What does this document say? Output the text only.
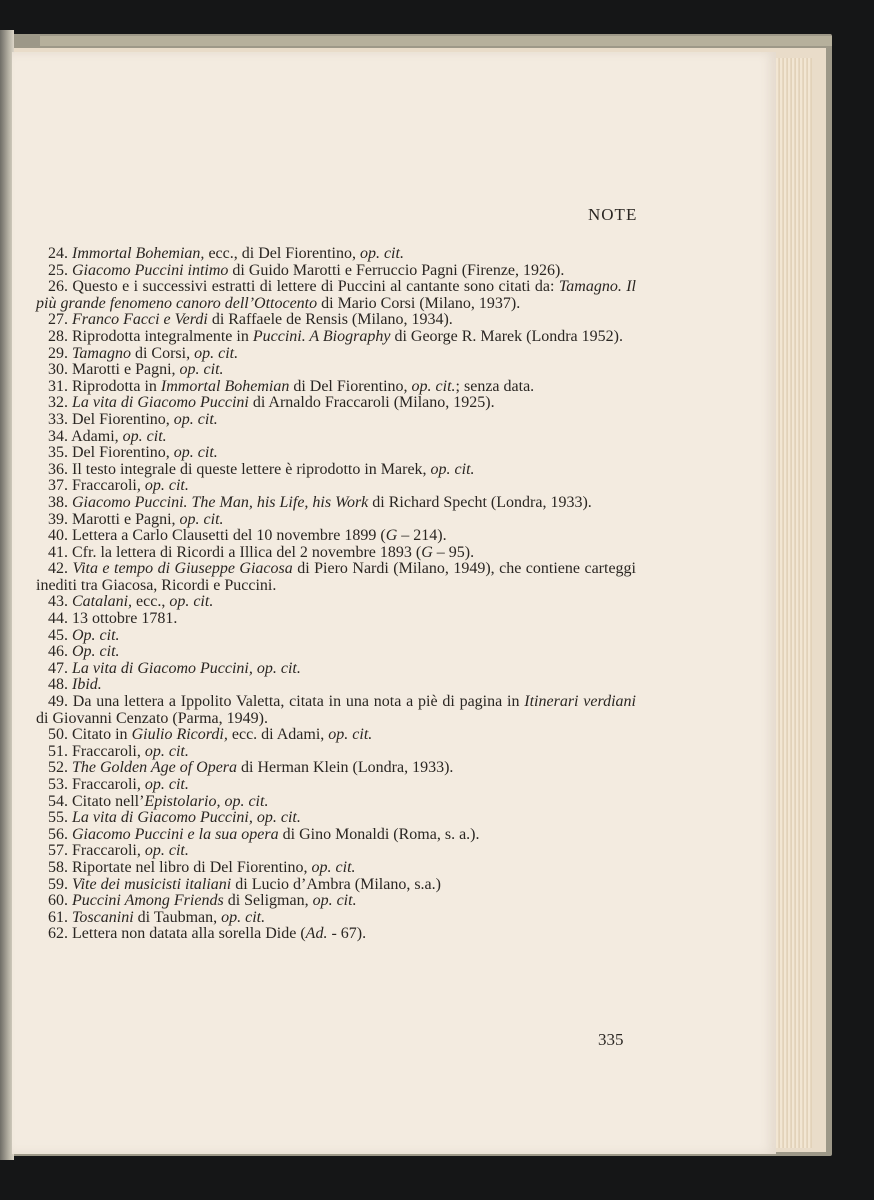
NOTE

24. Immortal Bohemian, ecc., di Del Fiorentino, op. cit.

25. Giacomo Puccini intimo di Guido Marotti e Ferruccio Pagni (Firenze, 1926).

26. Questo e i successivi estratti di lettere di Puccini al cantante sono citati da: Tamagno. Il più grande fenomeno canoro dell’Ottocento di Mario Corsi (Milano, 1937).

27. Franco Facci e Verdi di Raffaele de Rensis (Milano, 1934).

28. Riprodotta integralmente in Puccini. A Biography di George R. Marek (Londra 1952).

29. Tamagno di Corsi, op. cit.

30. Marotti e Pagni, op. cit.

31. Riprodotta in Immortal Bohemian di Del Fiorentino, op. cit.; senza data.

32. La vita di Giacomo Puccini di Arnaldo Fraccaroli (Milano, 1925).

33. Del Fiorentino, op. cit.

34. Adami, op. cit.

35. Del Fiorentino, op. cit.

36. Il testo integrale di queste lettere è riprodotto in Marek, op. cit.

37. Fraccaroli, op. cit.

38. Giacomo Puccini. The Man, his Life, his Work di Richard Specht (Londra, 1933).

39. Marotti e Pagni, op. cit.

40. Lettera a Carlo Clausetti del 10 novembre 1899 (G – 214).

41. Cfr. la lettera di Ricordi a Illica del 2 novembre 1893 (G – 95).

42. Vita e tempo di Giuseppe Giacosa di Piero Nardi (Milano, 1949), che contiene carteggi inediti tra Giacosa, Ricordi e Puccini.

43. Catalani, ecc., op. cit.

44. 13 ottobre 1781.

45. Op. cit.

46. Op. cit.

47. La vita di Giacomo Puccini, op. cit.

48. Ibid.

49. Da una lettera a Ippolito Valetta, citata in una nota a piè di pagina in Itinerari verdiani di Giovanni Cenzato (Parma, 1949).

50. Citato in Giulio Ricordi, ecc. di Adami, op. cit.

51. Fraccaroli, op. cit.

52. The Golden Age of Opera di Herman Klein (Londra, 1933).

53. Fraccaroli, op. cit.

54. Citato nell’Epistolario, op. cit.

55. La vita di Giacomo Puccini, op. cit.

56. Giacomo Puccini e la sua opera di Gino Monaldi (Roma, s. a.).

57. Fraccaroli, op. cit.

58. Riportate nel libro di Del Fiorentino, op. cit.

59. Vite dei musicisti italiani di Lucio d’Ambra (Milano, s.a.)

60. Puccini Among Friends di Seligman, op. cit.

61. Toscanini di Taubman, op. cit.

62. Lettera non datata alla sorella Dide (Ad. - 67).

335
